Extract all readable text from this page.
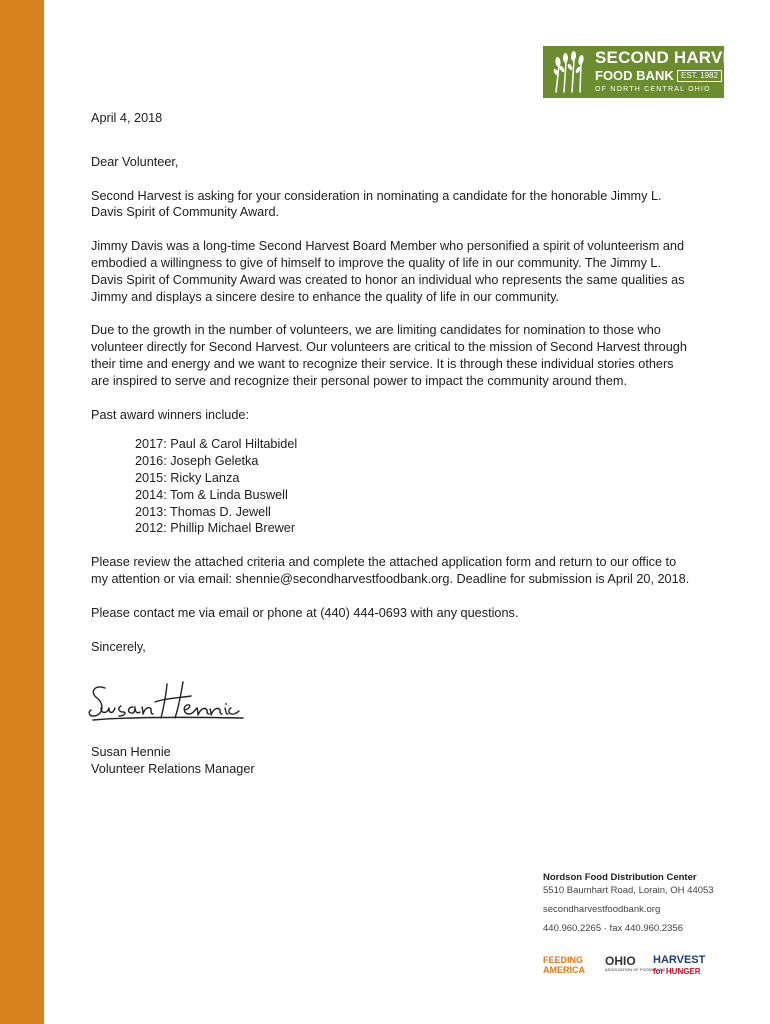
SECOND HARVEST
FOOD BANK EST. 1982
OF NORTH CENTRAL OHIO

April 4, 2018

Dear Volunteer,

Second Harvest is asking for your consideration in nominating a candidate for the honorable Jimmy L. Davis Spirit of Community Award.

Jimmy Davis was a long-time Second Harvest Board Member who personified a spirit of volunteerism and embodied a willingness to give of himself to improve the quality of life in our community. The Jimmy L. Davis Spirit of Community Award was created to honor an individual who represents the same qualities as Jimmy and displays a sincere desire to enhance the quality of life in our community.

Due to the growth in the number of volunteers, we are limiting candidates for nomination to those who volunteer directly for Second Harvest. Our volunteers are critical to the mission of Second Harvest through their time and energy and we want to recognize their service. It is through these individual stories others are inspired to serve and recognize their personal power to impact the community around them.

Past award winners include:

2017: Paul & Carol Hiltabidel
2016: Joseph Geletka
2015: Ricky Lanza
2014: Tom & Linda Buswell
2013: Thomas D. Jewell
2012: Phillip Michael Brewer

Please review the attached criteria and complete the attached application form and return to our office to my attention or via email: shennie@secondharvestfoodbank.org. Deadline for submission is April 20, 2018.

Please contact me via email or phone at (440) 444-0693 with any questions.

Sincerely,

Susan Hennie
Volunteer Relations Manager
Nordson Food Distribution Center
5510 Baumhart Road, Lorain, OH 44053
secondharvestfoodbank.org
440.960.2265 · fax 440.960.2356
FEEDING
AMERICA
OHIO
ASSOCIATION OF FOODBANKS
HARVEST
for HUNGER
